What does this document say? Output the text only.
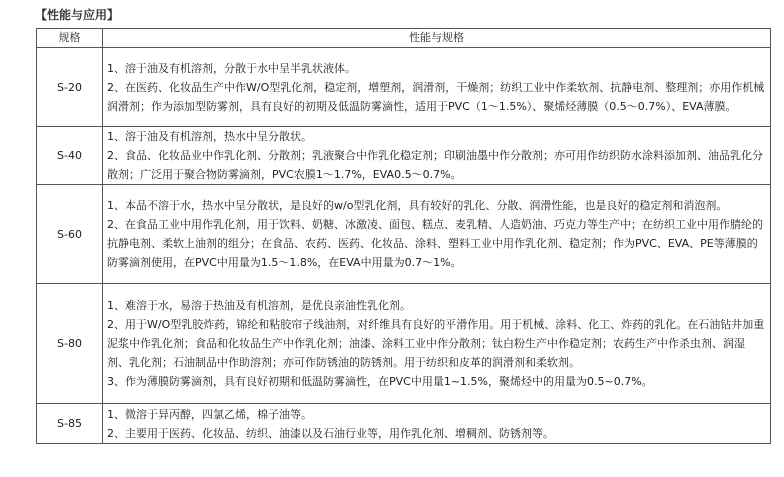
【性能与应用】
规格	性能与规格
S-20	1、溶于油及有机溶剂，分散于水中呈半乳状液体。
2、在医药、化妆品生产中作W/O型乳化剂，稳定剂，增塑剂，润滑剂，干燥剂；纺织工业中作柔软剂、抗静电剂、整理剂；亦用作机械润滑剂；作为添加型防雾剂，具有良好的初期及低温防雾滴性，适用于PVC（1～1.5%）、聚烯烃薄膜（0.5～0.7%）、EVA薄膜。

S-40	1、溶于油及有机溶剂，热水中呈分散状。
2、食品、化妆品业中作乳化剂、分散剂；乳液聚合中作乳化稳定剂；印刷油墨中作分散剂；亦可用作纺织防水涂料添加剂、油品乳化分散剂；广泛用于聚合物防雾滴剂，PVC农膜1～1.7%，EVA0.5～0.7%。

S-60	1、本品不溶于水，热水中呈分散状，是良好的w/o型乳化剂，具有较好的乳化、分散、润滑性能，也是良好的稳定剂和消泡剂。
2、在食品工业中用作乳化剂，用于饮料、奶糖、冰激凌、面包、糕点、麦乳精、人造奶油、巧克力等生产中；在纺织工业中用作腈纶的抗静电剂、柔软上油剂的组分；在食品、农药、医药、化妆品、涂料、塑料工业中用作乳化剂、稳定剂；作为PVC、EVA、PE等薄膜的防雾滴剂使用，在PVC中用量为1.5～1.8%，在EVA中用量为0.7～1%。

S-80	1、难溶于水，易溶于热油及有机溶剂，是优良亲油性乳化剂。
2、用于W/O型乳胶炸药，锦纶和粘胶帘子线油剂，对纤维具有良好的平滑作用。用于机械、涂料、化工、炸药的乳化。在石油钻井加重泥浆中作乳化剂；食品和化妆品生产中作乳化剂；油漆、涂料工业中作分散剂；钛白粉生产中作稳定剂；农药生产中作杀虫剂、润湿剂、乳化剂；石油制品中作助溶剂；亦可作防锈油的防锈剂。用于纺织和皮革的润滑剂和柔软剂。
3、作为薄膜防雾滴剂，具有良好初期和低温防雾滴性，在PVC中用量1~1.5%，聚烯烃中的用量为0.5~0.7%。

S-85	1、微溶于异丙醇，四氯乙烯，棉子油等。
2、主要用于医药、化妆品、纺织、油漆以及石油行业等，用作乳化剂、增稠剂、防锈剂等。
